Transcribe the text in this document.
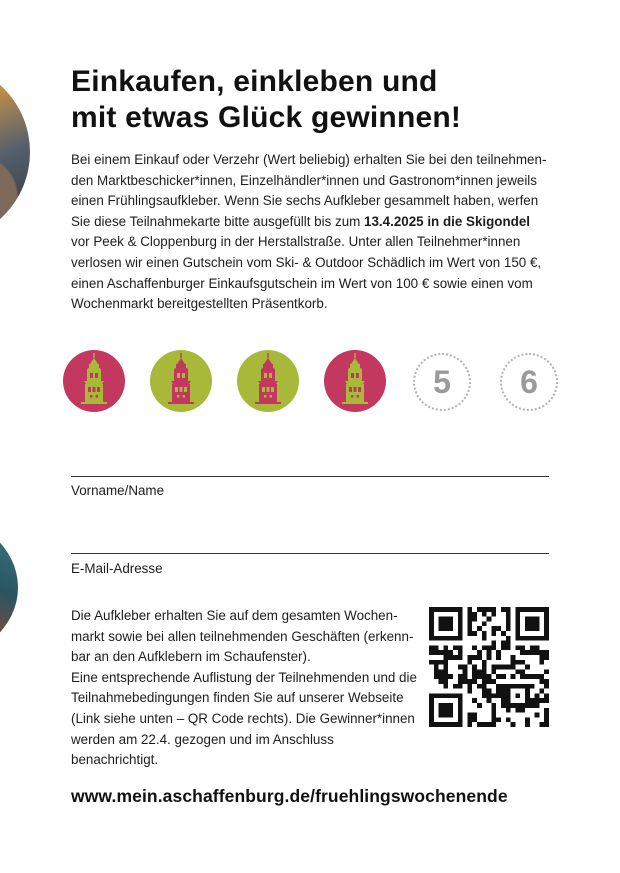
Einkaufen, einkleben und
mit etwas Glück gewinnen!

Bei einem Einkauf oder Verzehr (Wert beliebig) erhalten Sie bei den teilnehmenden Marktbeschicker*innen, Einzelhändler*innen und Gastronom*innen jeweils einen Frühlingsaufkleber. Wenn Sie sechs Aufkleber gesammelt haben, werfen Sie diese Teilnahmekarte bitte ausgefüllt bis zum 13.4.2025 in die Skigondel vor Peek & Cloppenburg in der Herstallstraße. Unter allen Teilnehmer*innen verlosen wir einen Gutschein vom Ski- & Outdoor Schädlich im Wert von 150 €, einen Aschaffenburger Einkaufsgutschein im Wert von 100 € sowie einen vom Wochenmarkt bereitgestellten Präsentkorb.

5 6
Vorname/Name
E-Mail-Adresse

Die Aufkleber erhalten Sie auf dem gesamten Wochenmarkt sowie bei allen teilnehmenden Geschäften (erkennbar an den Aufklebern im Schaufenster).

Eine entsprechende Auflistung der Teilnehmenden und die Teilnahmebedingungen finden Sie auf unserer Webseite (Link siehe unten – QR Code rechts). Die Gewinner*innen werden am 22.4. gezogen und im Anschluss benachrichtigt.

www.mein.aschaffenburg.de/fruehlingswochenende
